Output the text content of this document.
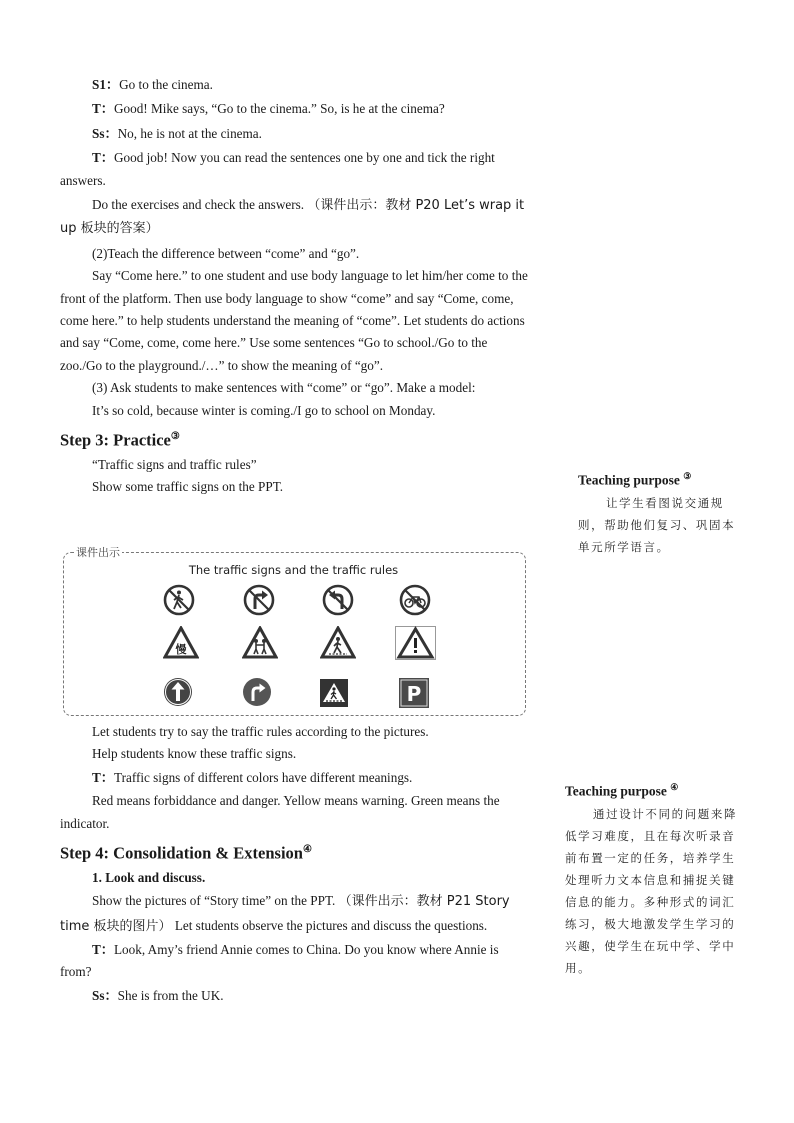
S1：Go to the cinema.

T：Good! Mike says, “Go to the cinema.” So, is he at the cinema?

Ss：No, he is not at the cinema.

T：Good job! Now you can read the sentences one by one and tick the right answers.

Do the exercises and check the answers. （课件出示：教材 P20 Let’s wrap it up 板块的答案）

(2)Teach the difference between “come” and “go”.

Say “Come here.” to one student and use body language to let him/her come to the front of the platform. Then use body language to show “come” and say “Come, come, come here.” to help students understand the meaning of “come”. Let students do actions and say “Come, come, come here.” Use some sentences “Go to school./Go to the zoo./Go to the playground./…” to show the meaning of “go”.

(3) Ask students to make sentences with “come” or “go”. Make a model:

It’s so cold, because winter is coming./I go to school on Monday.

Step 3: Practice③

“Traffic signs and traffic rules”

Show some traffic signs on the PPT.

课件出示
The traffic signs and the traffic rules
慢
P

Let students try to say the traffic rules according to the pictures.

Help students know these traffic signs.

T：Traffic signs of different colors have different meanings.

Red means forbiddance and danger. Yellow means warning. Green means the indicator.

Step 4: Consolidation & Extension④

1. Look and discuss.

Show the pictures of “Story time” on the PPT. （课件出示：教材 P21 Story time 板块的图片） Let students observe the pictures and discuss the questions.

T：Look, Amy’s friend Annie comes to China. Do you know where Annie is from?

Ss：She is from the UK.

Teaching purpose ③

让学生看图说交通规则，帮助他们复习、巩固本单元所学语言。

Teaching purpose ④

通过设计不同的问题来降低学习难度，且在每次听录音前布置一定的任务，培养学生处理听力文本信息和捕捉关键信息的能力。多种形式的词汇练习，极大地激发学生学习的兴趣，使学生在玩中学、学中用。
